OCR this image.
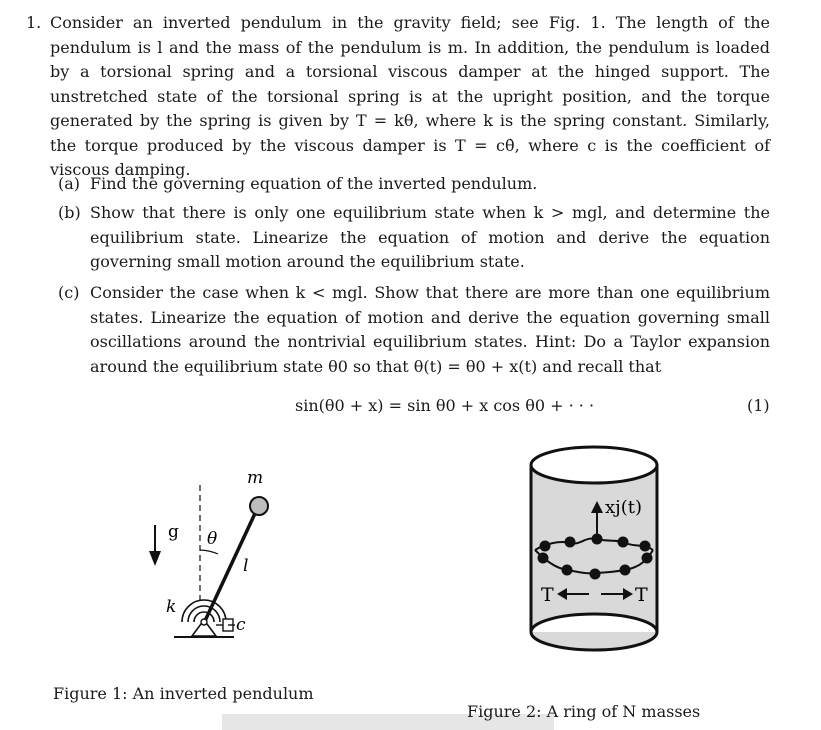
1. Consider an inverted pendulum in the gravity field; see Fig. 1. The length of the pendulum is l and the mass of the pendulum is m. In addition, the pendulum is loaded by a torsional spring and a torsional viscous damper at the hinged support. The unstretched state of the torsional spring is at the upright position, and the torque generated by the spring is given by T = kθ, where k is the spring constant. Similarly, the torque produced by the viscous damper is T = cθ̇, where c is the coefficient of viscous damping.
(a) Find the governing equation of the inverted pendulum.
(b) Show that there is only one equilibrium state when k > mgl, and determine the equilibrium state. Linearize the equation of motion and derive the equation governing small motion around the equilibrium state.
(c) Consider the case when k < mgl. Show that there are more than one equilibrium states. Linearize the equation of motion and derive the equation governing small oscillations around the nontrivial equilibrium states. Hint: Do a Taylor expansion around the equilibrium state θ0 so that θ(t) = θ0 + x(t) and recall that
sin(θ0 + x) = sin θ0 + x cos θ0 + · · ·	(1)
g θ
m
l
k
c
xj(t)
T	T
Figure 1: An inverted pendulum
Figure 2: A ring of N masses
